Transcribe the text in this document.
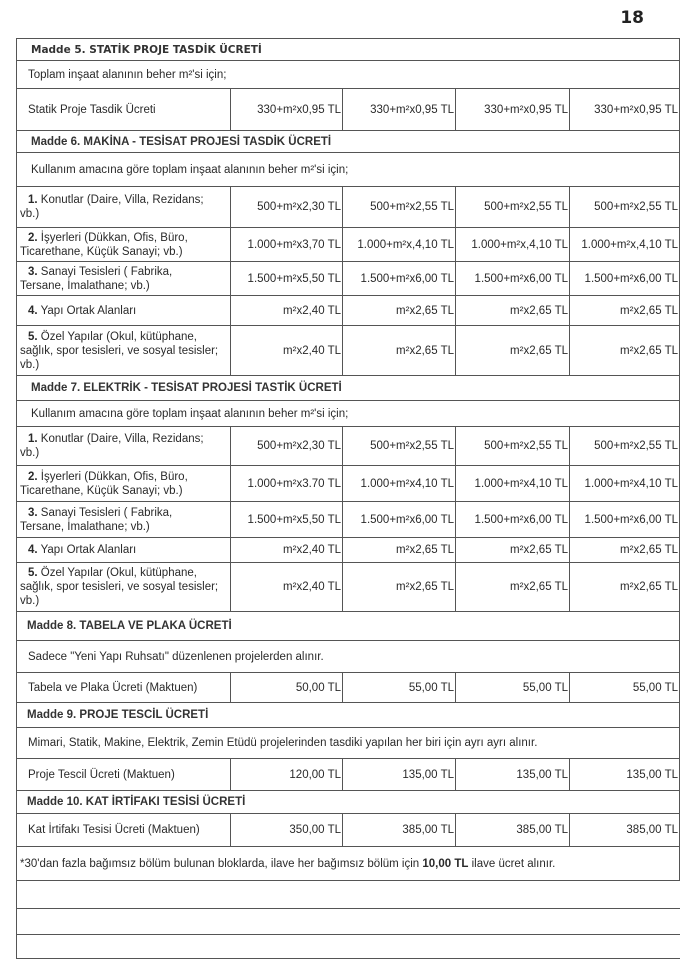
18
Madde 5. STATİK PROJE TASDİK ÜCRETİ				
Toplam inşaat alanının beher m²'si için;				
Statik Proje Tasdik Ücreti	330+m²x0,95 TL	330+m²x0,95 TL	330+m²x0,95 TL	330+m²x0,95 TL
Madde 6. MAKİNA - TESİSAT PROJESİ TASDİK ÜCRETİ				
Kullanım amacına göre toplam inşaat alanının beher m²'si için;				
1. Konutlar (Daire, Villa, Rezidans;
vb.)	500+m²x2,30 TL	500+m²x2,55 TL	500+m²x2,55 TL	500+m²x2,55 TL
2. İşyerleri (Dükkan, Ofis, Büro,
Ticarethane, Küçük Sanayi; vb.)	1.000+m²x3,70 TL	1.000+m²x,4,10 TL	1.000+m²x,4,10 TL	1.000+m²x,4,10 TL
3. Sanayi Tesisleri ( Fabrika,
Tersane, İmalathane; vb.)	1.500+m²x5,50 TL	1.500+m²x6,00 TL	1.500+m²x6,00 TL	1.500+m²x6,00 TL
4. Yapı Ortak Alanları	m²x2,40 TL	m²x2,65 TL	m²x2,65 TL	m²x2,65 TL
5. Özel Yapılar (Okul, kütüphane,
sağlık, spor tesisleri, ve sosyal tesisler; vb.)	m²x2,40 TL	m²x2,65 TL	m²x2,65 TL	m²x2,65 TL
Madde 7. ELEKTRİK - TESİSAT PROJESİ TASTİK ÜCRETİ				
Kullanım amacına göre toplam inşaat alanının beher m²'si için;				
1. Konutlar (Daire, Villa, Rezidans;
vb.)	500+m²x2,30 TL	500+m²x2,55 TL	500+m²x2,55 TL	500+m²x2,55 TL
2. İşyerleri (Dükkan, Ofis, Büro,
Ticarethane, Küçük Sanayi; vb.)	1.000+m²x3.70 TL	1.000+m²x4,10 TL	1.000+m²x4,10 TL	1.000+m²x4,10 TL
3. Sanayi Tesisleri ( Fabrika,
Tersane, İmalathane; vb.)	1.500+m²x5,50 TL	1.500+m²x6,00 TL	1.500+m²x6,00 TL	1.500+m²x6,00 TL
4. Yapı Ortak Alanları	m²x2,40 TL	m²x2,65 TL	m²x2,65 TL	m²x2,65 TL
5. Özel Yapılar (Okul, kütüphane,
sağlık, spor tesisleri, ve sosyal tesisler; vb.)	m²x2,40 TL	m²x2,65 TL	m²x2,65 TL	m²x2,65 TL
Madde 8. TABELA VE PLAKA ÜCRETİ				
Sadece "Yeni Yapı Ruhsatı" düzenlenen projelerden alınır.				
Tabela ve Plaka Ücreti (Maktuen)	50,00 TL	55,00 TL	55,00 TL	55,00 TL
Madde 9. PROJE TESCİL ÜCRETİ				
Mimari, Statik, Makine, Elektrik, Zemin Etüdü projelerinden tasdiki yapılan her biri için ayrı ayrı alınır.				
Proje Tescil Ücreti (Maktuen)	120,00 TL	135,00 TL	135,00 TL	135,00 TL
Madde 10. KAT İRTİFAKI TESİSİ ÜCRETİ				
Kat İrtifakı Tesisi Ücreti (Maktuen)	350,00 TL	385,00 TL	385,00 TL	385,00 TL
*30'dan fazla bağımsız bölüm bulunan bloklarda, ilave her bağımsız bölüm için 10,00 TL ilave ücret alınır.				
